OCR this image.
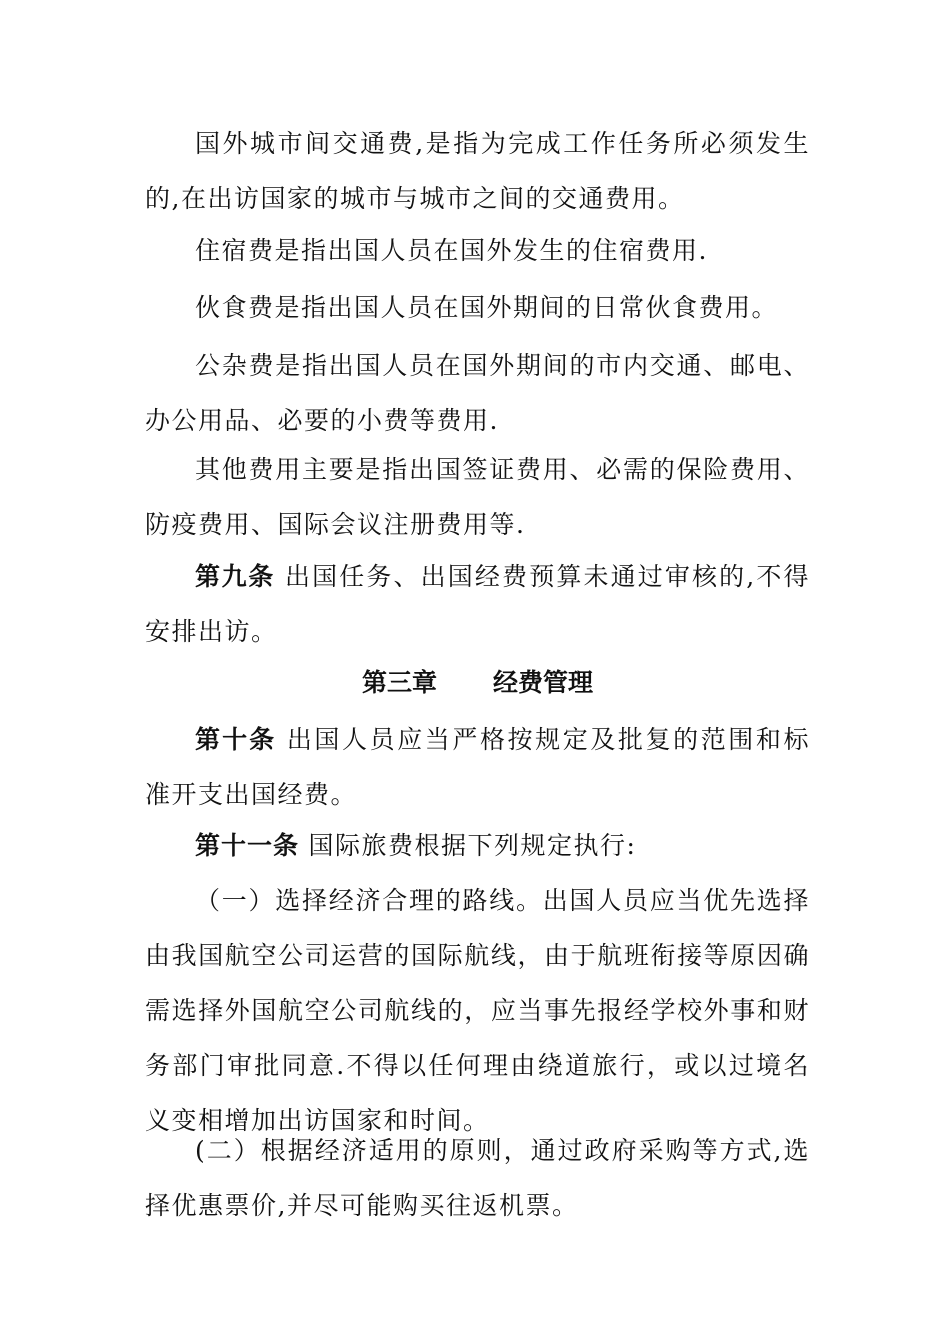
国外城市间交通费,是指为完成工作任务所必须发生的,在出访国家的城市与城市之间的交通费用。

住宿费是指出国人员在国外发生的住宿费用.

伙食费是指出国人员在国外期间的日常伙食费用。

公杂费是指出国人员在国外期间的市内交通、邮电、办公用品、必要的小费等费用.

其他费用主要是指出国签证费用、必需的保险费用、防疫费用、国际会议注册费用等.

第九条 出国任务、出国经费预算未通过审核的,不得安排出访。

第三章 经费管理

第十条 出国人员应当严格按规定及批复的范围和标准开支出国经费。

第十一条 国际旅费根据下列规定执行:

（一）选择经济合理的路线。出国人员应当优先选择由我国航空公司运营的国际航线，由于航班衔接等原因确需选择外国航空公司航线的，应当事先报经学校外事和财务部门审批同意.不得以任何理由绕道旅行，或以过境名义变相增加出访国家和时间。

(二）根据经济适用的原则，通过政府采购等方式,选择优惠票价,并尽可能购买往返机票。
